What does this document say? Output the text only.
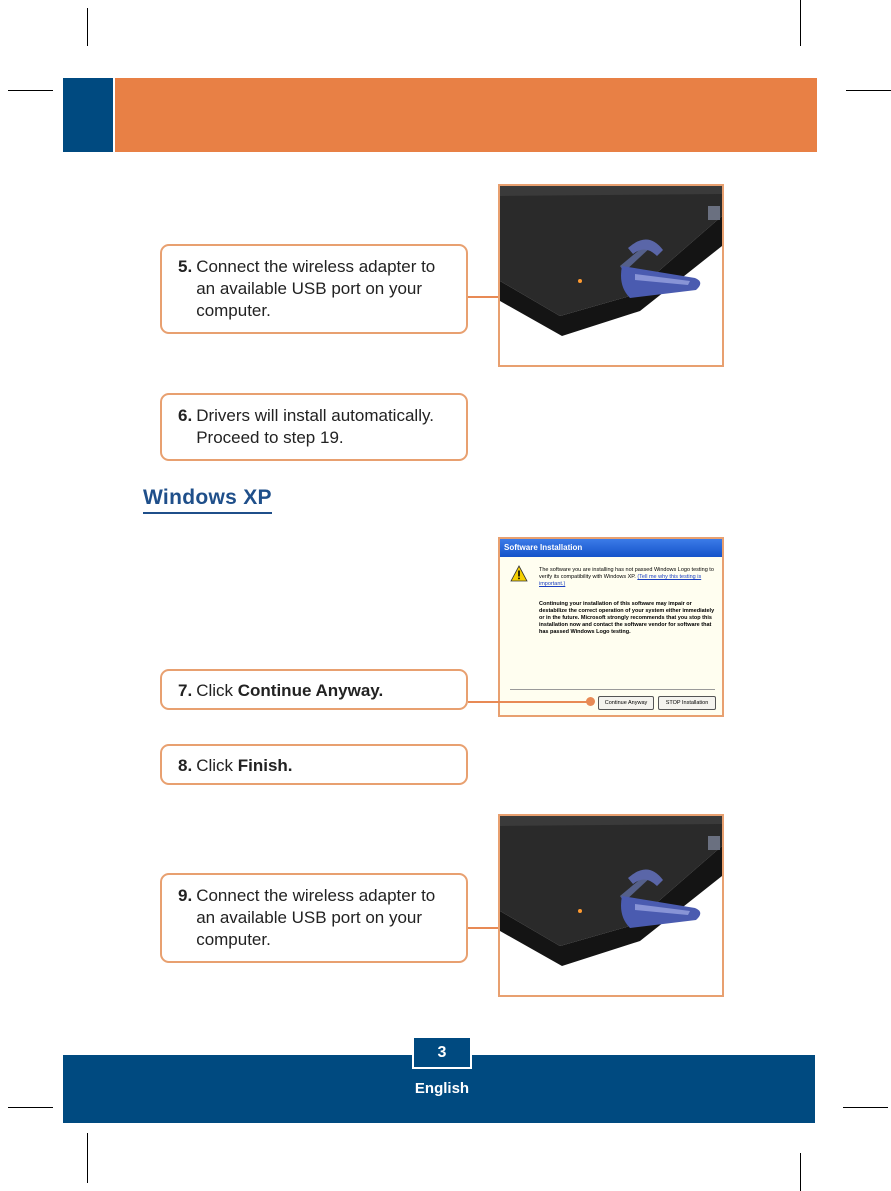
5. Connect the wireless adapter to an available USB port on your computer.
6. Drivers will install automatically. Proceed to step 19.
Windows XP
Software Installation
The software you are installing has not passed Windows Logo testing to verify its compatibility with Windows XP. (Tell me why this testing is important.)
Continuing your installation of this software may impair or destabilize the correct operation of your system either immediately or in the future. Microsoft strongly recommends that you stop this installation now and contact the software vendor for software that has passed Windows Logo testing.
Continue Anyway	STOP Installation
7. Click Continue Anyway.
8. Click Finish.
9. Connect the wireless adapter to an available USB port on your computer.
3
English
